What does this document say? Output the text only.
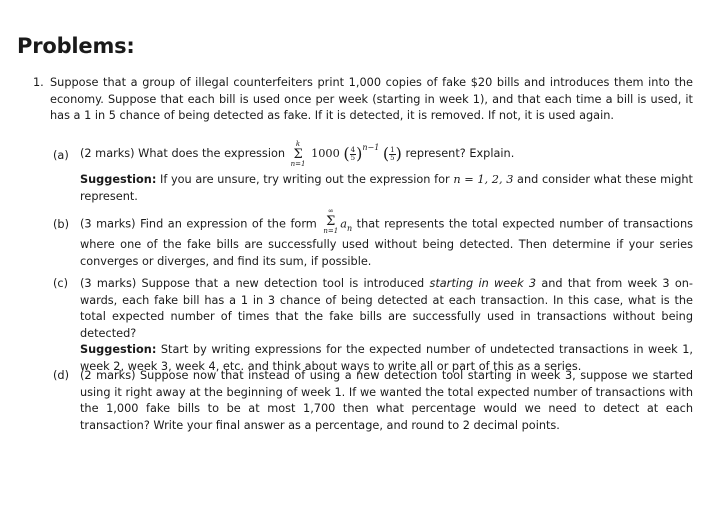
Problems:
1. Suppose that a group of illegal counterfeiters print 1,000 copies of fake $20 bills and introduces them into the economy. Suppose that each bill is used once per week (starting in week 1), and that each time a bill is used, it has a 1 in 5 chance of being detected as fake. If it is detected, it is removed. If not, it is used again.
(a) (2 marks) What does the expression
k
Σ
n=1
1000 ( $\frac{4}{5} )^{n-1}$ ( $\frac{1}{5}$ ) represent? Explain.
Suggestion: If you are unsure, try writing out the expression for n = 1, 2, 3 and consider what these might represent.
(b) (3 marks) Find an expression of the form
∞
Σ
n=1
$a_n$ that represents the total expected number of transactions where one of the fake bills are successfully used without being detected. Then determine if your series converges or diverges, and find its sum, if possible.
(c) (3 marks) Suppose that a new detection tool is introduced starting in week 3 and that from week 3 on-wards, each fake bill has a 1 in 3 chance of being detected at each transaction. In this case, what is the total expected number of times that the fake bills are successfully used in transactions without being detected?
Suggestion: Start by writing expressions for the expected number of undetected transactions in week 1, week 2, week 3, week 4, etc. and think about ways to write all or part of this as a series.
(d) (2 marks) Suppose now that instead of using a new detection tool starting in week 3, suppose we started using it right away at the beginning of week 1. If we wanted the total expected number of transactions with the 1,000 fake bills to be at most 1,700 then what percentage would we need to detect at each transaction? Write your final answer as a percentage, and round to 2 decimal points.
